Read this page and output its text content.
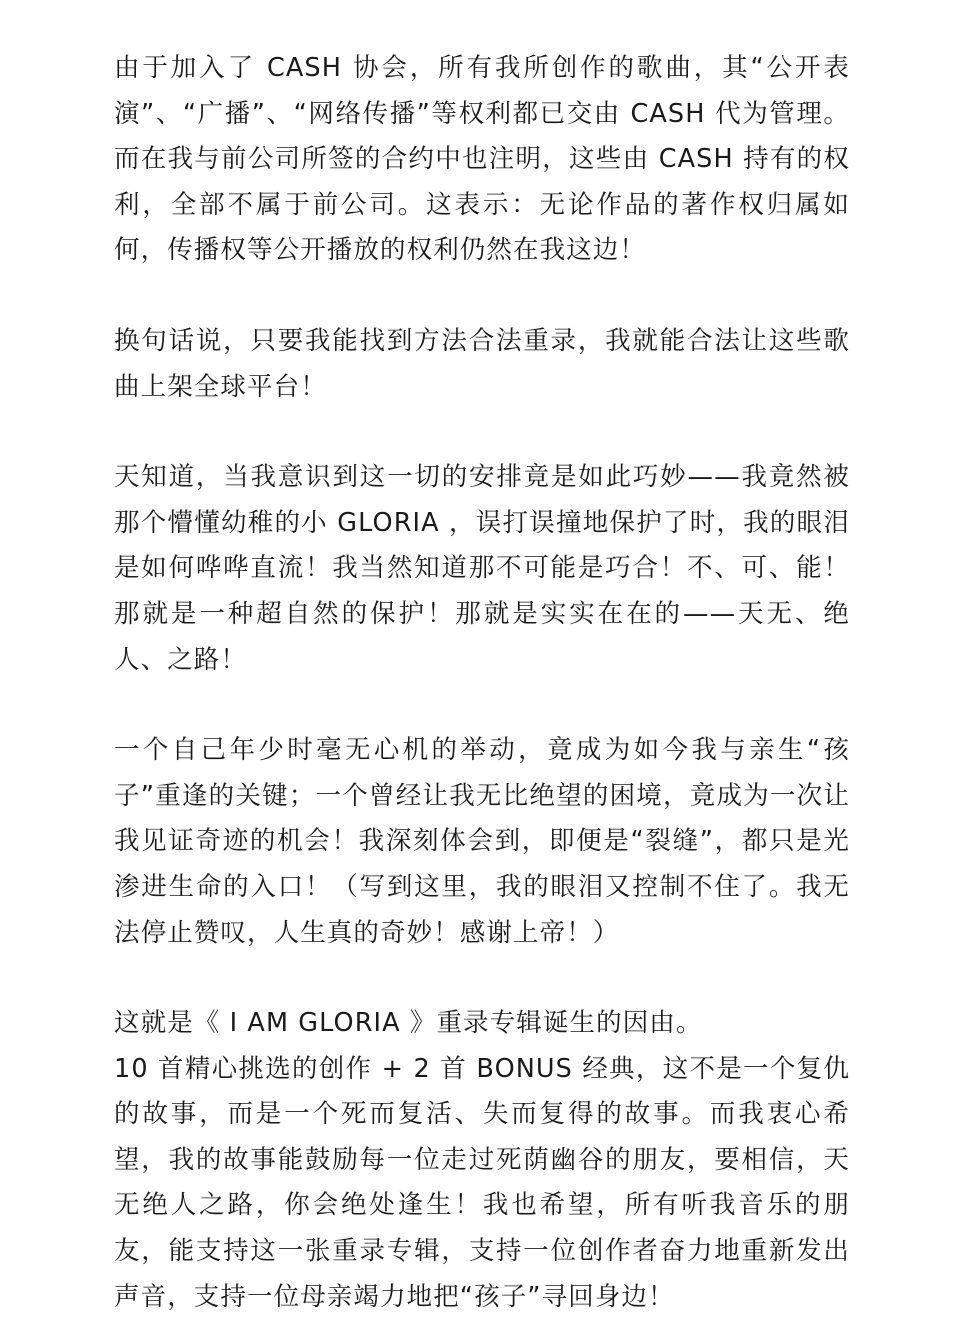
由于加入了 CASH 协会，所有我所创作的歌曲，其“公开表演”、“广播”、“网络传播”等权利都已交由 CASH 代为管理。而在我与前公司所签的合约中也注明，这些由 CASH 持有的权利，全部不属于前公司。这表示：无论作品的著作权归属如何，传播权等公开播放的权利仍然在我这边！

换句话说，只要我能找到方法合法重录，我就能合法让这些歌曲上架全球平台！

天知道，当我意识到这一切的安排竟是如此巧妙——我竟然被那个懵懂幼稚的小 GLORIA ，误打误撞地保护了时，我的眼泪是如何哗哗直流！我当然知道那不可能是巧合！不、可、能！那就是一种超自然的保护！那就是实实在在的——天无、绝人、之路！

一个自己年少时毫无心机的举动，竟成为如今我与亲生“孩子”重逢的关键；一个曾经让我无比绝望的困境，竟成为一次让我见证奇迹的机会！我深刻体会到，即便是“裂缝”，都只是光渗进生命的入口！（写到这里，我的眼泪又控制不住了。我无法停止赞叹，人生真的奇妙！感谢上帝！）

这就是《 I AM GLORIA 》重录专辑诞生的因由。

10 首精心挑选的创作 + 2 首 BONUS 经典，这不是一个复仇的故事，而是一个死而复活、失而复得的故事。而我衷心希望，我的故事能鼓励每一位走过死荫幽谷的朋友，要相信，天无绝人之路，你会绝处逢生！我也希望，所有听我音乐的朋友，能支持这一张重录专辑，支持一位创作者奋力地重新发出声音，支持一位母亲竭力地把“孩子”寻回身边！
